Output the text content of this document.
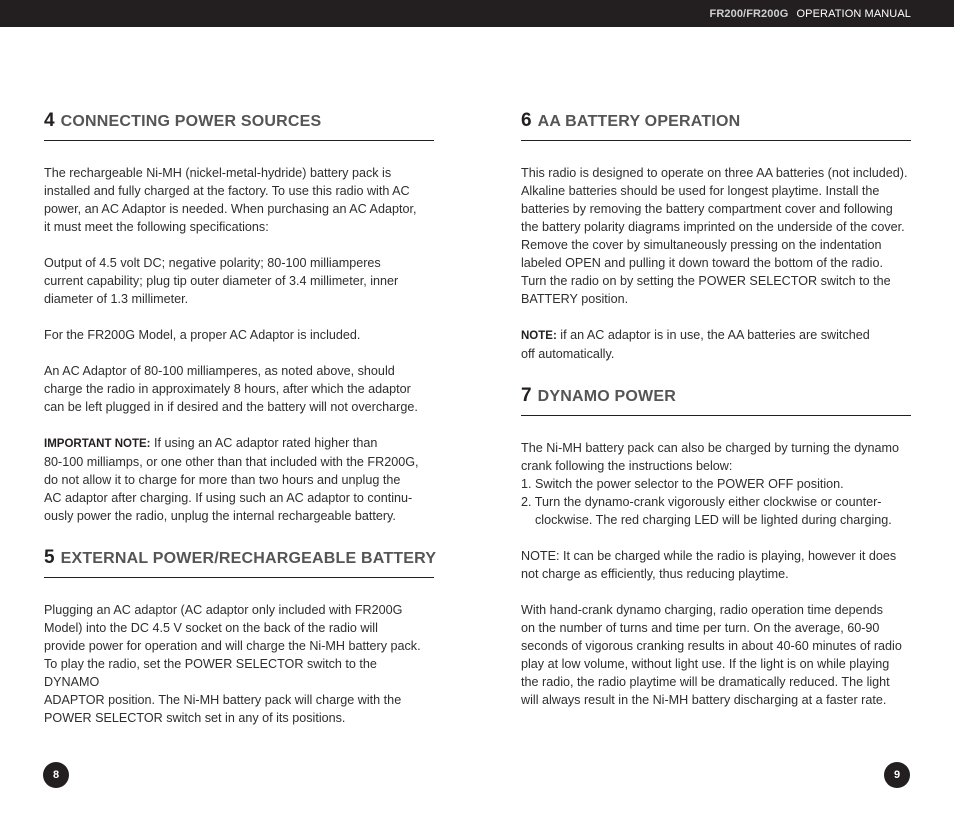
FR200/FR200G OPERATION MANUAL
4 CONNECTING POWER SOURCES

The rechargeable Ni-MH (nickel-metal-hydride) battery pack is
installed and fully charged at the factory. To use this radio with AC
power, an AC Adaptor is needed. When purchasing an AC Adaptor,
it must meet the following specifications:

Output of 4.5 volt DC; negative polarity; 80-100 milliamperes
current capability; plug tip outer diameter of 3.4 millimeter, inner
diameter of 1.3 millimeter.

For the FR200G Model, a proper AC Adaptor is included.

An AC Adaptor of 80-100 milliamperes, as noted above, should
charge the radio in approximately 8 hours, after which the adaptor
can be left plugged in if desired and the battery will not overcharge.

IMPORTANT NOTE: If using an AC adaptor rated higher than
80-100 milliamps, or one other than that included with the FR200G,
do not allow it to charge for more than two hours and unplug the
AC adaptor after charging. If using such an AC adaptor to continu-
ously power the radio, unplug the internal rechargeable battery.

5 EXTERNAL POWER/RECHARGEABLE BATTERY

Plugging an AC adaptor (AC adaptor only included with FR200G
Model) into the DC 4.5 V socket on the back of the radio will
provide power for operation and will charge the Ni-MH battery pack.
To play the radio, set the POWER SELECTOR switch to the DYNAMO
ADAPTOR position. The Ni-MH battery pack will charge with the
POWER SELECTOR switch set in any of its positions.

6 AA BATTERY OPERATION

This radio is designed to operate on three AA batteries (not included).
Alkaline batteries should be used for longest playtime. Install the
batteries by removing the battery compartment cover and following
the battery polarity diagrams imprinted on the underside of the cover.
Remove the cover by simultaneously pressing on the indentation
labeled OPEN and pulling it down toward the bottom of the radio.
Turn the radio on by setting the POWER SELECTOR switch to the
BATTERY position.

NOTE: if an AC adaptor is in use, the AA batteries are switched
off automatically.

7 DYNAMO POWER

The Ni-MH battery pack can also be charged by turning the dynamo
crank following the instructions below:

1. Switch the power selector to the POWER OFF position.
2. Turn the dynamo-crank vigorously either clockwise or counter-
clockwise. The red charging LED will be lighted during charging.

NOTE: It can be charged while the radio is playing, however it does
not charge as efficiently, thus reducing playtime.

With hand-crank dynamo charging, radio operation time depends
on the number of turns and time per turn. On the average, 60-90
seconds of vigorous cranking results in about 40-60 minutes of radio
play at low volume, without light use. If the light is on while playing
the radio, the radio playtime will be dramatically reduced. The light
will always result in the Ni-MH battery discharging at a faster rate.

8	9
